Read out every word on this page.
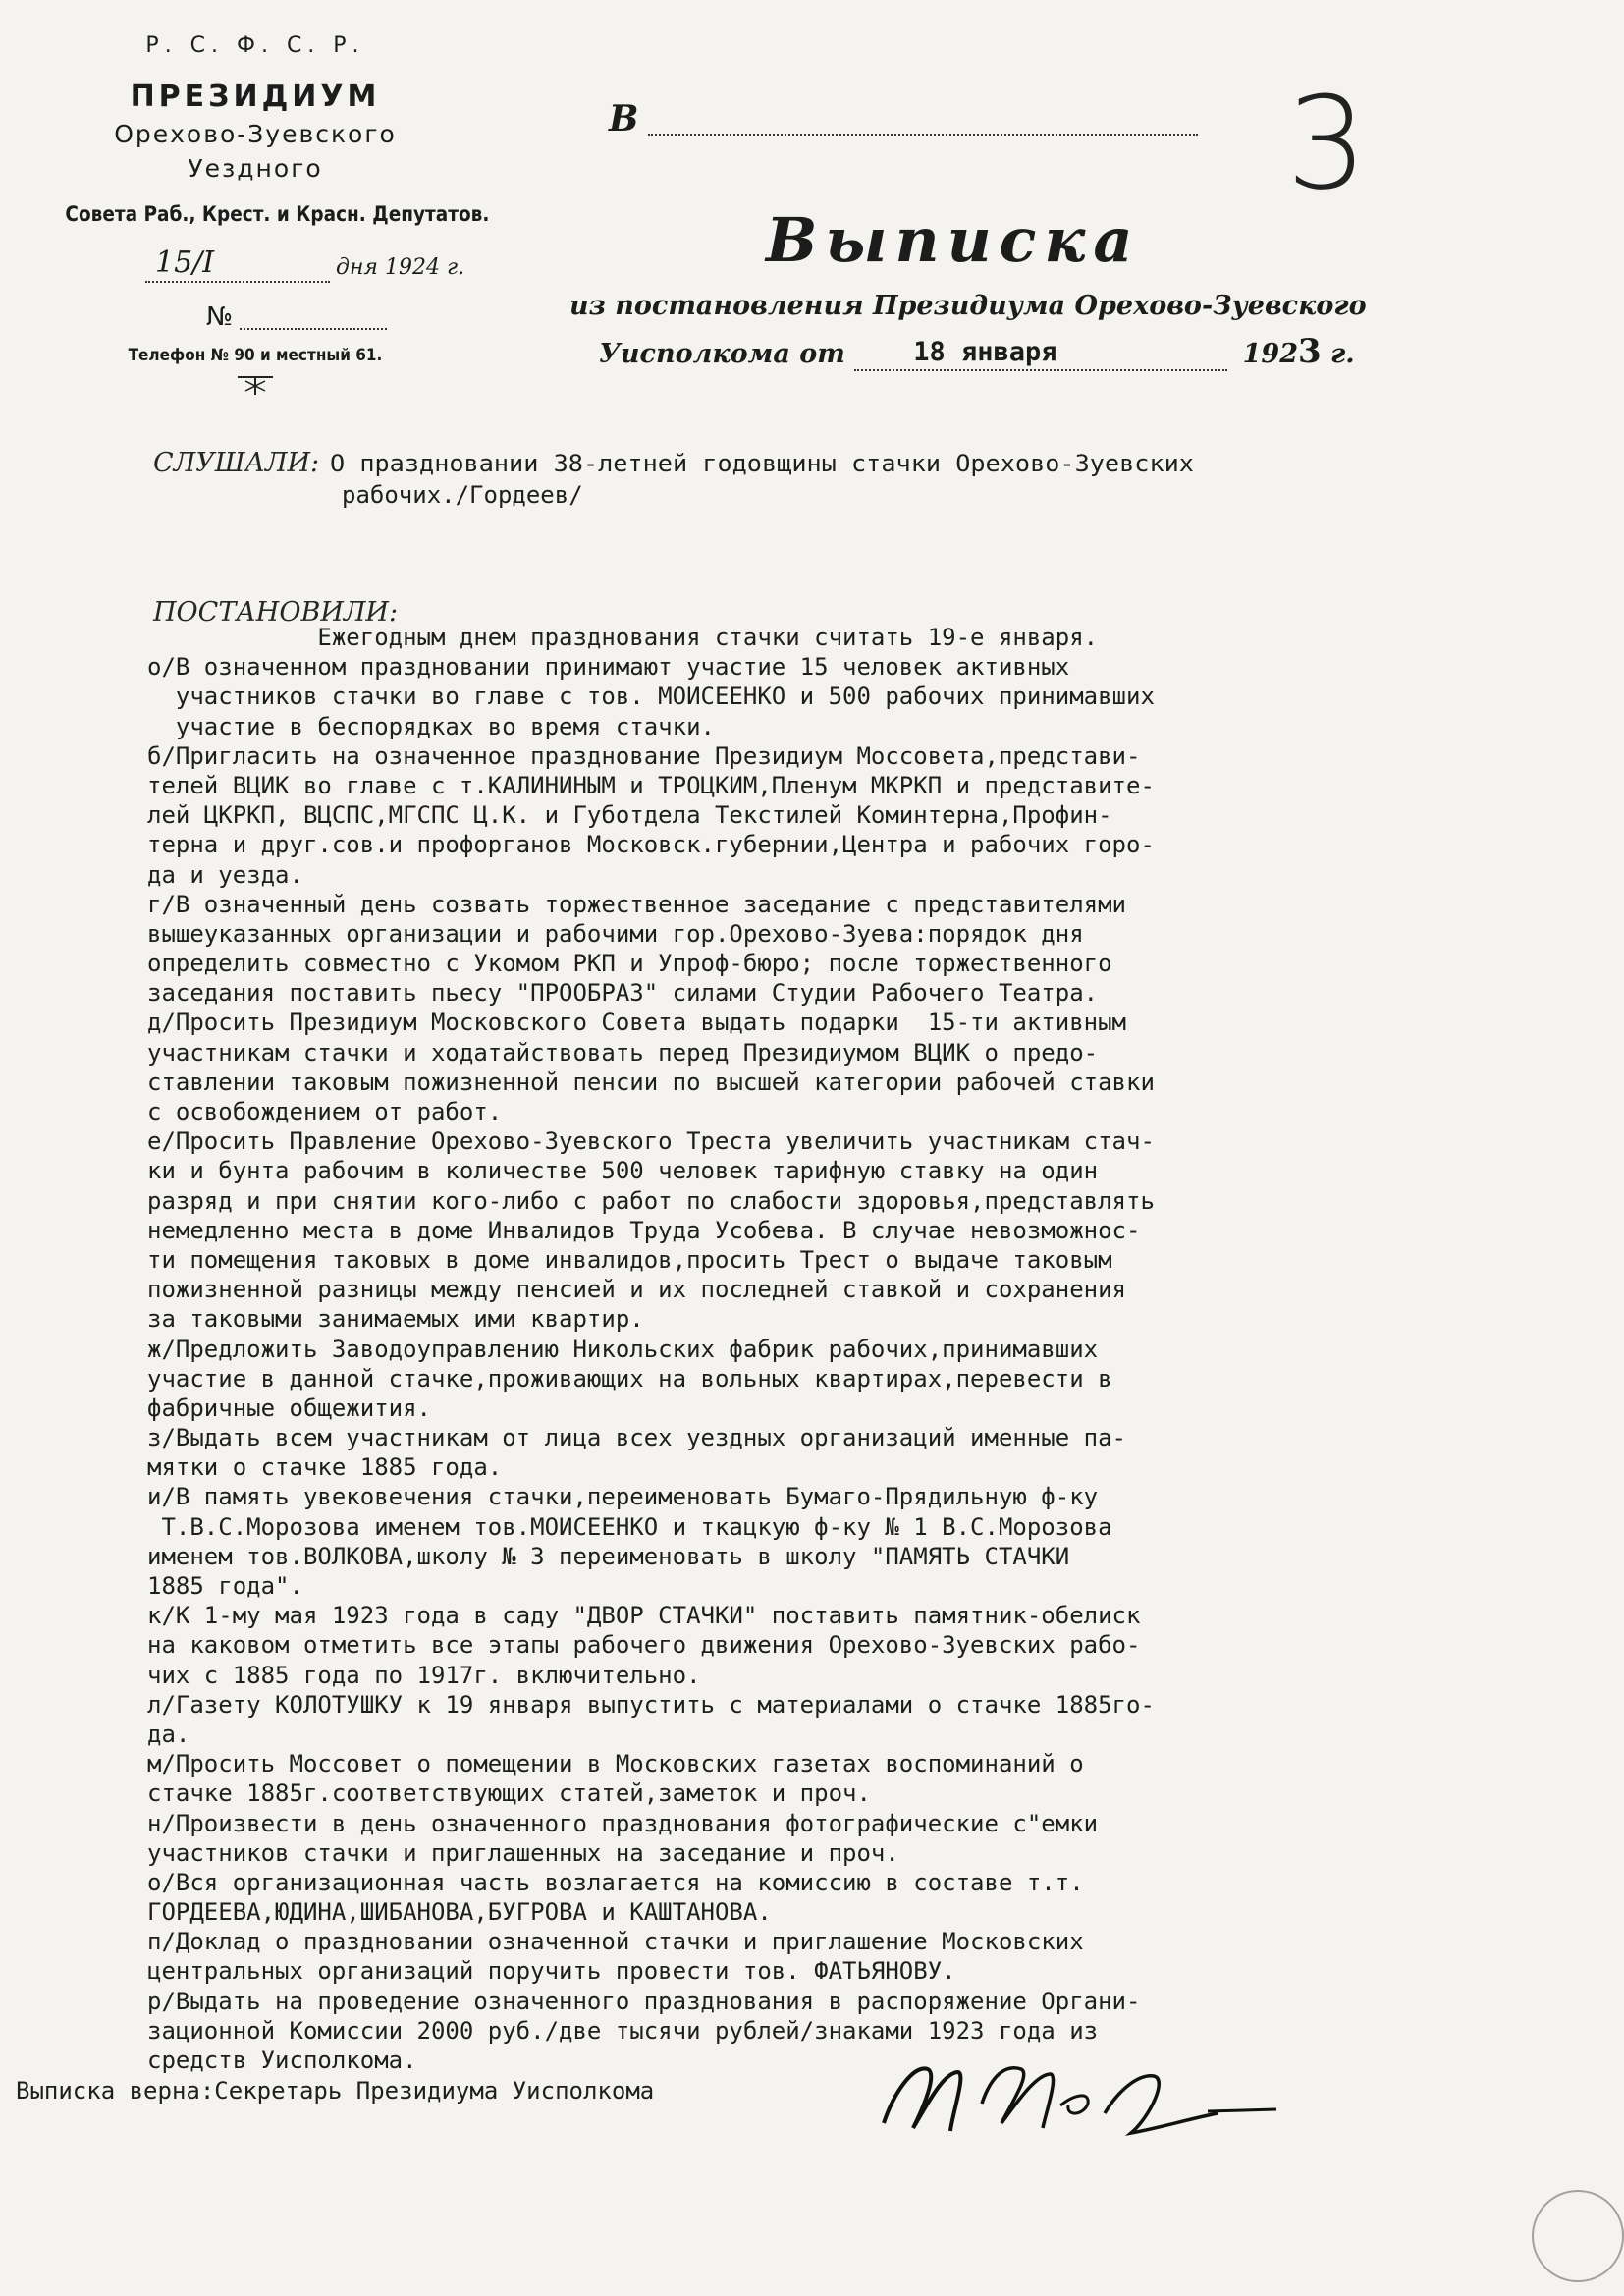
Р. С. Ф. С. Р.
ПРЕЗИДИУМ
Орехово-Зуевского
Уездного
Совета Раб., Крест. и Красн. Депутатов.
15/I	дня 1924 г.
№
Телефон № 90 и местный 61.
В	3
Выписка
из постановления Президиума Орехово-Зуевского
Уисполкома от	18 января	1923 г.
СЛУШАЛИ: О праздновании 38-летней годовщины стачки Орехово-Зуевских
рабочих./Гордеев/
ПОСТАНОВИЛИ:
Ежегодным днем празднования стачки считать 19-е января.
о/В означенном праздновании принимают участие 15 человек активных
участников стачки во главе с тов. МОИСЕЕНКО и 500 рабочих принимавших
участие в беспорядках во время стачки.
б/Пригласить на означенное празднование Президиум Моссовета,представи-
телей ВЦИК во главе с т.КАЛИНИНЫМ и ТРОЦКИМ,Пленум МКРКП и представите-
лей ЦКРКП, ВЦСПС,МГСПС Ц.К. и Губотдела Текстилей Коминтерна,Профин-
терна и друг.сов.и профорганов Московск.губернии,Центра и рабочих горо-
да и уезда.
г/В означенный день созвать торжественное заседание с представителями
вышеуказанных организации и рабочими гор.Орехово-Зуева:порядок дня
определить совместно с Укомом РКП и Упроф-бюро; после торжественного
заседания поставить пьесу "ПРООБРАЗ" силами Студии Рабочего Театра.
д/Просить Президиум Московского Совета выдать подарки  15-ти активным
участникам стачки и ходатайствовать перед Президиумом ВЦИК о предо-
ставлении таковым пожизненной пенсии по высшей категории рабочей ставки
с освобождением от работ.
е/Просить Правление Орехово-Зуевского Треста увеличить участникам стач-
ки и бунта рабочим в количестве 500 человек тарифную ставку на один
разряд и при снятии кого-либо с работ по слабости здоровья,представлять
немедленно места в доме Инвалидов Труда Усобева. В случае невозможнос-
ти помещения таковых в доме инвалидов,просить Трест о выдаче таковым
пожизненной разницы между пенсией и их последней ставкой и сохранения
за таковыми занимаемых ими квартир.
ж/Предложить Заводоуправлению Никольских фабрик рабочих,принимавших
участие в данной стачке,проживающих на вольных квартирах,перевести в
фабричные общежития.
з/Выдать всем участникам от лица всех уездных организаций именные па-
мятки о стачке 1885 года.
и/В память увековечения стачки,переименовать Бумаго-Прядильную ф-ку
Т.В.С.Морозова именем тов.МОИСЕЕНКО и ткацкую ф-ку № 1 В.С.Морозова
именем тов.ВОЛКОВА,школу № 3 переименовать в школу "ПАМЯТЬ СТАЧКИ
1885 года".
к/К 1-му мая 1923 года в саду "ДВОР СТАЧКИ" поставить памятник-обелиск
на каковом отметить все этапы рабочего движения Орехово-Зуевских рабо-
чих с 1885 года по 1917г. включительно.
л/Газету КОЛОТУШКУ к 19 января выпустить с материалами о стачке 1885го-
да.
м/Просить Моссовет о помещении в Московских газетах воспоминаний о
стачке 1885г.соответствующих статей,заметок и проч.
н/Произвести в день означенного празднования фотографические с"емки
участников стачки и приглашенных на заседание и проч.
о/Вся организационная часть возлагается на комиссию в составе т.т.
ГОРДЕЕВА,ЮДИНА,ШИБАНОВА,БУГРОВА и КАШТАНОВА.
п/Доклад о праздновании означенной стачки и приглашение Московских
центральных организаций поручить провести тов. ФАТЬЯНОВУ.
р/Выдать на проведение означенного празднования в распоряжение Органи-
зационной Комиссии 2000 руб./две тысячи рублей/знаками 1923 года из
средств Уисполкома.
Выписка верна:Секретарь Президиума Уисполкома
